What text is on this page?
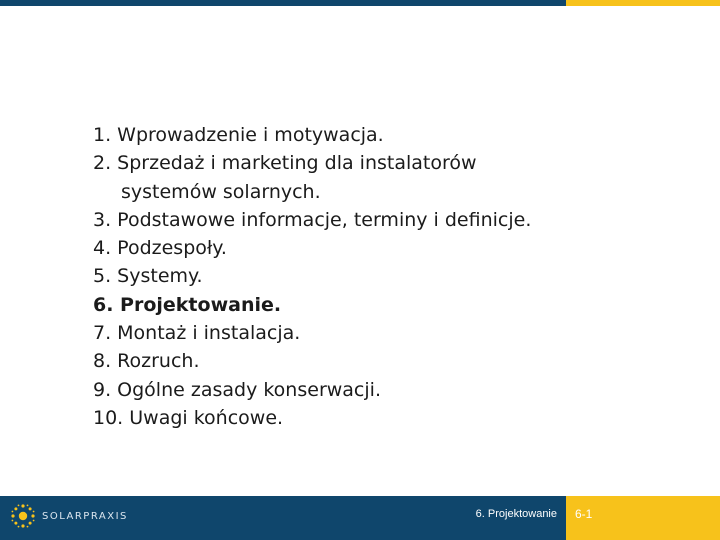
1. Wprowadzenie i motywacja.
2. Sprzedaż i marketing dla instalatorów
systemów solarnych.
3. Podstawowe informacje, terminy i definicje.
4. Podzespoły.
5. Systemy.
6. Projektowanie.
7. Montaż i instalacja.
8. Rozruch.
9. Ogólne zasady konserwacji.
10. Uwagi końcowe.
SOLARPRAXIS	6. Projektowanie 6-1
